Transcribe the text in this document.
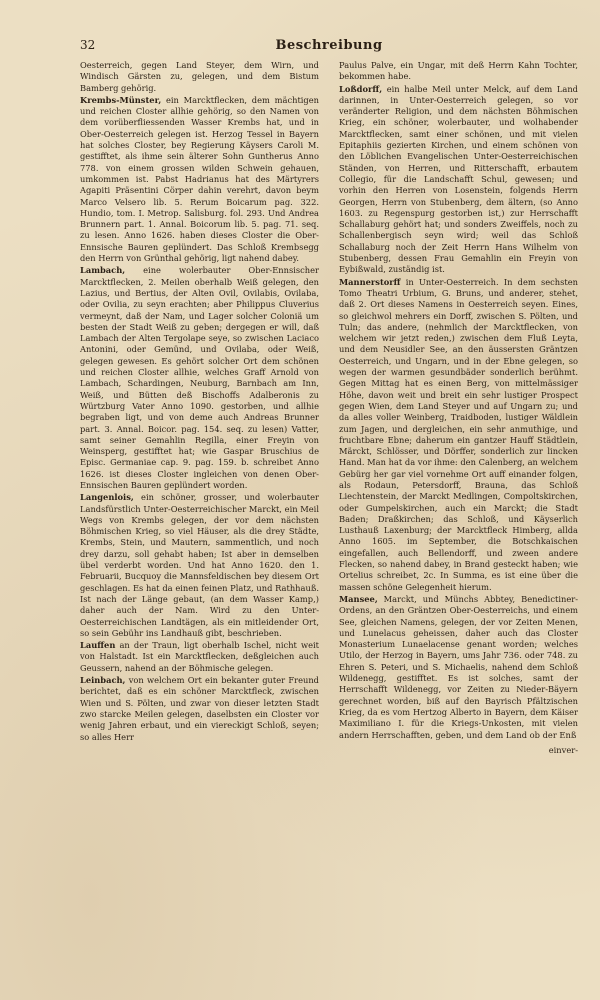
32	Beschreibung

Oesterreich, gegen Land Steyer, dem Wirn, und Windisch Gärsten zu, gelegen, und dem Bistum Bamberg gehörig.

Krembs-Münster, ein Marcktflecken, dem mächtigen und reichen Closter allhie gehörig, so den Namen von dem vorüberfliessenden Wasser Krembs hat, und in Ober-Oesterreich gelegen ist. Herzog Tessel in Bayern hat solches Closter, bey Regierung Käysers Caroli M. gestifftet, als ihme sein älterer Sohn Guntherus Anno 778. von einem grossen wilden Schwein gehauen, umkommen ist. Pabst Hadrianus hat des Märtyrers Agapiti Präsentini Cörper dahin verehrt, davon beym Marco Velsero lib. 5. Rerum Boicarum pag. 322. Hundio, tom. I. Metrop. Salisburg. fol. 293. Und Andrea Brunnern part. 1. Annal. Boicorum lib. 5. pag. 71. seq. zu lesen. Anno 1626. haben dieses Closter die Ober-Ennsische Bauren geplündert. Das Schloß Krembsegg den Herrn von Grünthal gehörig, ligt nahend dabey.

Lambach, eine wolerbauter Ober-Ennsischer Marcktflecken, 2. Meilen oberhalb Weiß gelegen, den Lazius, und Bertius, der Alten Ovil, Ovilabis, Ovilaba, oder Ovilia, zu seyn erachten; aber Philippus Cluverius vermeynt, daß der Nam, und Lager solcher Coloniä um besten der Stadt Weiß zu geben; dergegen er will, daß Lambach der Alten Tergolape seye, so zwischen Laciaco Antonini, oder Gemünd, und Ovilaba, oder Weiß, gelegen gewesen. Es gehört solcher Ort dem schönen und reichen Closter allhie, welches Graff Arnold von Lambach, Schardingen, Neuburg, Barnbach am Inn, Weiß, und Bütten deß Bischoffs Adalberonis zu Würtzburg Vater Anno 1090. gestorben, und allhie begraben ligt, und von deme auch Andreas Brunner part. 3. Annal. Boicor. pag. 154. seq. zu lesen) Vatter, samt seiner Gemahlin Regilla, einer Freyin von Weinsperg, gestifftet hat; wie Gaspar Bruschius de Episc. Germaniae cap. 9. pag. 159. b. schreibet Anno 1626. ist dieses Closter ingleichen von denen Ober-Ennsischen Bauren geplündert worden.

Langenlois, ein schöner, grosser, und wolerbauter Landsfürstlich Unter-Oesterreichischer Marckt, ein Meil Wegs von Krembs gelegen, der vor dem nächsten Böhmischen Krieg, so viel Häuser, als die drey Städte, Krembs, Stein, und Mautern, sammentlich, und noch drey darzu, soll gehabt haben; Ist aber in demselben übel verderbt worden. Und hat Anno 1620. den 1. Februarii, Bucquoy die Mannsfeldischen bey diesem Ort geschlagen. Es hat da einen feinen Platz, und Rathhauß. Ist nach der Länge gebaut, (an dem Wasser Kamp,) daher auch der Nam. Wird zu den Unter-Oesterreichischen Landtägen, als ein mitleidender Ort, so sein Gebühr ins Landhauß gibt, beschrieben.

Lauffen an der Traun, ligt oberhalb Ischel, nicht weit von Halstadt. Ist ein Marcktflecken, deßgleichen auch Geussern, nahend an der Böhmische gelegen.

Leinbach, von welchem Ort ein bekanter guter Freund berichtet, daß es ein schöner Marcktfleck, zwischen Wien und S. Pölten, und zwar von dieser letzten Stadt zwo starcke Meilen gelegen, daselbsten ein Closter vor wenig Jahren erbaut, und ein viereckigt Schloß, seyen; so alles Herr

Paulus Palve, ein Ungar, mit deß Herrn Kahn Tochter, bekommen habe.

Loßdorff, ein halbe Meil unter Melck, auf dem Land darinnen, in Unter-Oesterreich gelegen, so vor veränderter Religion, und dem nächsten Böhmischen Krieg, ein schöner, wolerbauter, und wolhabender Marcktflecken, samt einer schönen, und mit vielen Epitaphiis gezierten Kirchen, und einem schönen von den Löblichen Evangelischen Unter-Oesterreichischen Ständen, von Herren, und Ritterschafft, erbautem Collegio, für die Landschafft Schul, gewesen; und vorhin den Herren von Losenstein, folgends Herrn Georgen, Herrn von Stubenberg, dem ältern, (so Anno 1603. zu Regenspurg gestorben ist,) zur Herrschafft Schallaburg gehört hat; und sonders Zweiffels, noch zu Schallenbergisch seyn wird; weil das Schloß Schallaburg noch der Zeit Herrn Hans Wilhelm von Stubenberg, dessen Frau Gemahlin ein Freyin von Eybißwald, zuständig ist.

Mannerstorff in Unter-Oesterreich. In dem sechsten Tomo Theatri Urbium, G. Bruns, und anderer, stehet, daß 2. Ort dieses Namens in Oesterreich seyen. Eines, so gleichwol mehrers ein Dorff, zwischen S. Pölten, und Tuln; das andere, (nehmlich der Marcktflecken, von welchem wir jetzt reden,) zwischen dem Fluß Leyta, und dem Neusidler See, an den äussersten Gräntzen Oesterreich, und Ungarn, und in der Ebne gelegen, so wegen der warmen gesundbäder sonderlich berühmt. Gegen Mittag hat es einen Berg, von mittelmässiger Höhe, davon weit und breit ein sehr lustiger Prospect gegen Wien, dem Land Steyer und auf Ungarn zu; und da alles voller Weinberg, Traidboden, lustiger Wäldlein zum Jagen, und dergleichen, ein sehr anmuthige, und fruchtbare Ebne; daherum ein gantzer Hauff Städtlein, Märckt, Schlösser, und Dörffer, sonderlich zur lincken Hand. Man hat da vor ihme: den Calenberg, an welchem Gebürg her gar viel vornehme Ort auff einander folgen, als Rodaun, Petersdorff, Brauna, das Schloß Liechtenstein, der Marckt Medlingen, Compoltskirchen, oder Gumpelskirchen, auch ein Marckt; die Stadt Baden; Draßkirchen; das Schloß, und Käyserlich Lusthauß Laxenburg; der Marcktfleck Himberg, allda Anno 1605. im September, die Botschkaischen eingefallen, auch Bellendorff, und zween andere Flecken, so nahend dabey, in Brand gesteckt haben; wie Ortelius schreibet, 2c. In Summa, es ist eine über die massen schöne Gelegenheit hierum.

Mansee, Marckt, und Münchs Abbtey, Benedictiner-Ordens, an den Gräntzen Ober-Oesterreichs, und einem See, gleichen Namens, gelegen, der vor Zeiten Menen, und Lunelacus geheissen, daher auch das Closter Monasterium Lunaelacense genant worden; welches Utilo, der Herzog in Bayern, ums Jahr 736. oder 748. zu Ehren S. Peteri, und S. Michaelis, nahend dem Schloß Wildenegg, gestifftet. Es ist solches, samt der Herrschafft Wildenegg, vor Zeiten zu Nieder-Bäyern gerechnet worden, biß auf den Bayrisch Pfältzischen Krieg, da es vom Hertzog Alberto in Bayern, dem Käiser Maximiliano I. für die Kriegs-Unkosten, mit vielen andern Herrschafften, geben, und dem Land ob der Enß

einver-
